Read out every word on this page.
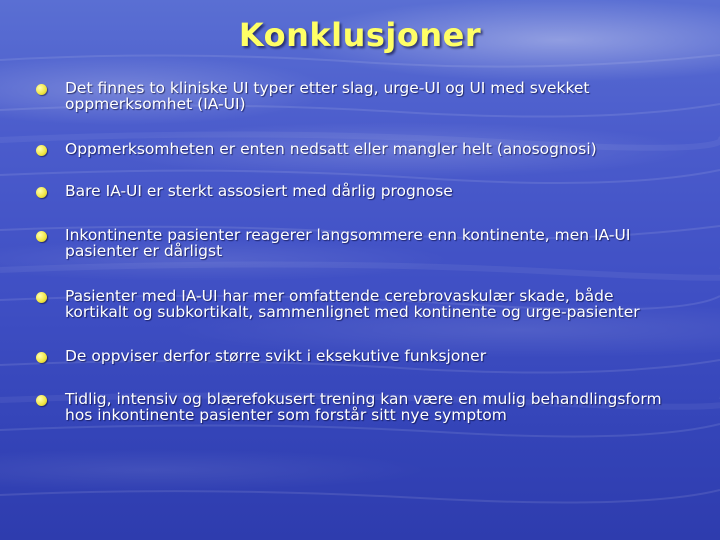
Konklusjoner
Det finnes to kliniske UI typer etter slag, urge-UI og UI med svekket oppmerksomhet (IA-UI)
Oppmerksomheten er enten nedsatt eller mangler helt (anosognosi)
Bare IA-UI er sterkt assosiert med dårlig prognose
Inkontinente pasienter reagerer langsommere enn kontinente, men IA-UI pasienter er dårligst
Pasienter med IA-UI har mer omfattende cerebrovaskulær skade, både kortikalt og subkortikalt, sammenlignet med kontinente og urge-pasienter
De oppviser derfor større svikt i eksekutive funksjoner
Tidlig, intensiv og blærefokusert trening kan være en mulig behandlingsform hos inkontinente pasienter som forstår sitt nye symptom
